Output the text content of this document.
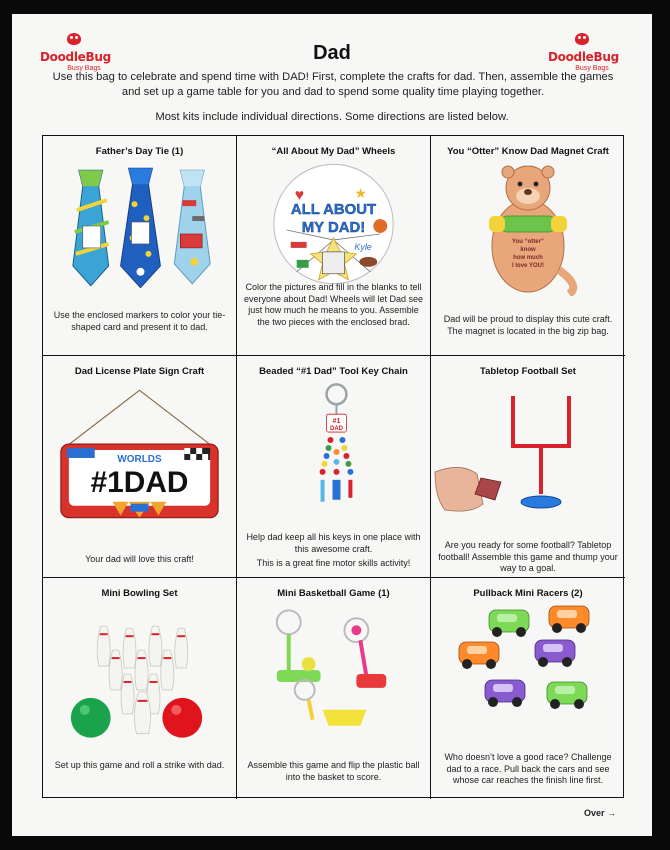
DoodleBug
Busy Bags
DoodleBug
Busy Bags
Dad
Use this bag to celebrate and spend time with DAD! First, complete the crafts for dad. Then, assemble the games and set up a game table for you and dad to spend some quality time playing together.
Most kits include individual directions. Some directions are listed below.
Father’s Day Tie (1)
Use the enclosed markers to color your tie-shaped card and present it to dad.
“All About My Dad” Wheels
♥	★
ALL ABOUT
MY DAD!
Kyle
Color the pictures and fill in the blanks to tell everyone about Dad! Wheels will let Dad see just how much he means to you. Assemble the two pieces with the enclosed brad.
You “Otter” Know Dad Magnet Craft
You “otter”
know
how much
I love YOU!
Dad will be proud to display this cute craft. The magnet is located in the big zip bag.
Dad License Plate Sign Craft
WORLDS
#1DAD
Your dad will love this craft!
Beaded “#1 Dad” Tool Key Chain
#1
DAD
Help dad keep all his keys in one place with this awesome craft.
This is a great fine motor skills activity!
Tabletop Football Set
Are you ready for some football? Tabletop football! Assemble this game and thump your way to a goal.
Mini Bowling Set
Set up this game and roll a strike with dad.
Mini Basketball Game (1)
Assemble this game and flip the plastic ball into the basket to score.
Pullback Mini Racers (2)
Who doesn’t love a good race? Challenge dad to a race. Pull back the cars and see whose car reaches the finish line first.
Over →
